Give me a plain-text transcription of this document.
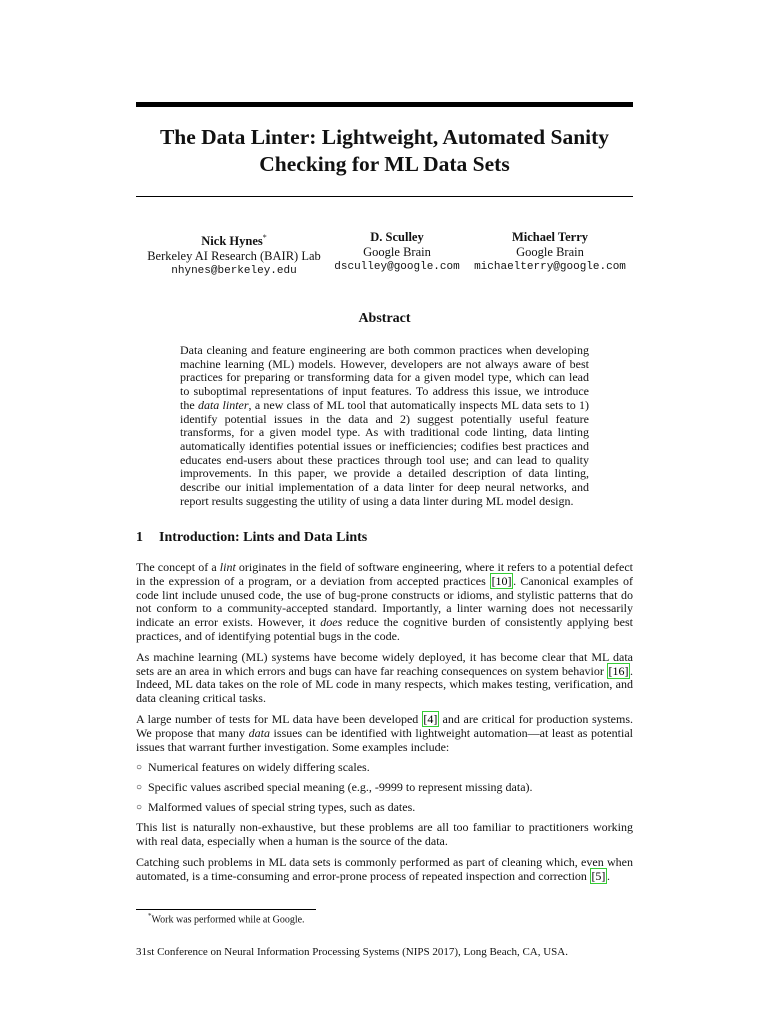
The Data Linter: Lightweight, Automated Sanity
Checking for ML Data Sets
Nick Hynes*
Berkeley AI Research (BAIR) Lab
nhynes@berkeley.edu
D. Sculley
Google Brain
dsculley@google.com
Michael Terry
Google Brain
michaelterry@google.com
Abstract
Data cleaning and feature engineering are both common practices when developing machine learning (ML) models. However, developers are not always aware of best practices for preparing or transforming data for a given model type, which can lead to suboptimal representations of input features. To address this issue, we introduce the data linter, a new class of ML tool that automatically inspects ML data sets to 1) identify potential issues in the data and 2) suggest potentially useful feature transforms, for a given model type. As with traditional code linting, data linting automatically identifies potential issues or inefficiencies; codifies best practices and educates end-users about these practices through tool use; and can lead to quality improvements. In this paper, we provide a detailed description of data linting, describe our initial implementation of a data linter for deep neural networks, and report results suggesting the utility of using a data linter during ML model design.
1 Introduction: Lints and Data Lints

The concept of a lint originates in the field of software engineering, where it refers to a potential defect in the expression of a program, or a deviation from accepted practices [10] . Canonical examples of code lint include unused code, the use of bug-prone constructs or idioms, and stylistic patterns that do not conform to a community-accepted standard. Importantly, a linter warning does not necessarily indicate an error exists. However, it does reduce the cognitive burden of consistently applying best practices, and of identifying potential bugs in the code.

As machine learning (ML) systems have become widely deployed, it has become clear that ML data sets are an area in which errors and bugs can have far reaching consequences on system behavior [16] . Indeed, ML data takes on the role of ML code in many respects, which makes testing, verification, and data cleaning critical tasks.

A large number of tests for ML data have been developed [4] and are critical for production systems. We propose that many data issues can be identified with lightweight automation—at least as potential issues that warrant further investigation. Some examples include:

○ Numerical features on widely differing scales.
○ Specific values ascribed special meaning (e.g., -9999 to represent missing data).
○ Malformed values of special string types, such as dates.

This list is naturally non-exhaustive, but these problems are all too familiar to practitioners working with real data, especially when a human is the source of the data.

Catching such problems in ML data sets is commonly performed as part of cleaning which, even when automated, is a time-consuming and error-prone process of repeated inspection and correction [5] .

*Work was performed while at Google.
31st Conference on Neural Information Processing Systems (NIPS 2017), Long Beach, CA, USA.
